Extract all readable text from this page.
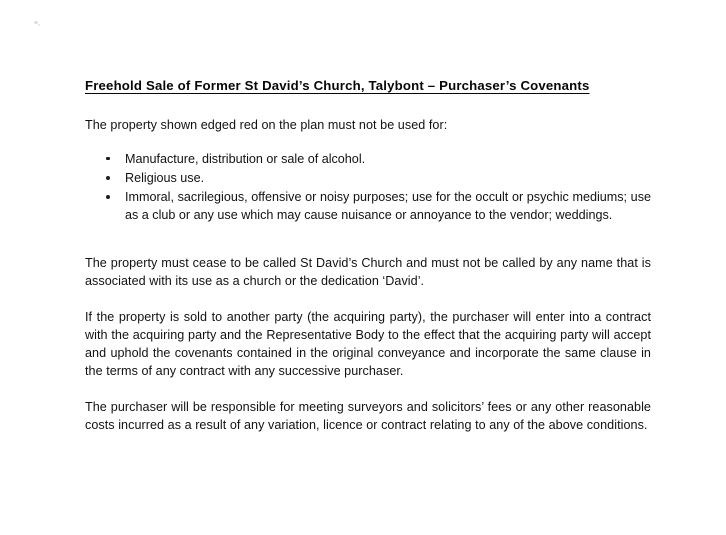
Freehold Sale of Former St David’s Church, Talybont – Purchaser’s Covenants

The property shown edged red on the plan must not be used for:

Manufacture, distribution or sale of alcohol.
Religious use.
Immoral, sacrilegious, offensive or noisy purposes; use for the occult or psychic mediums; use as a club or any use which may cause nuisance or annoyance to the vendor; weddings.

The property must cease to be called St David’s Church and must not be called by any name that is associated with its use as a church or the dedication ‘David’.

If the property is sold to another party (the acquiring party), the purchaser will enter into a contract with the acquiring party and the Representative Body to the effect that the acquiring party will accept and uphold the covenants contained in the original conveyance and incorporate the same clause in the terms of any contract with any successive purchaser.

The purchaser will be responsible for meeting surveyors and solicitors’ fees or any other reasonable costs incurred as a result of any variation, licence or contract relating to any of the above conditions.
